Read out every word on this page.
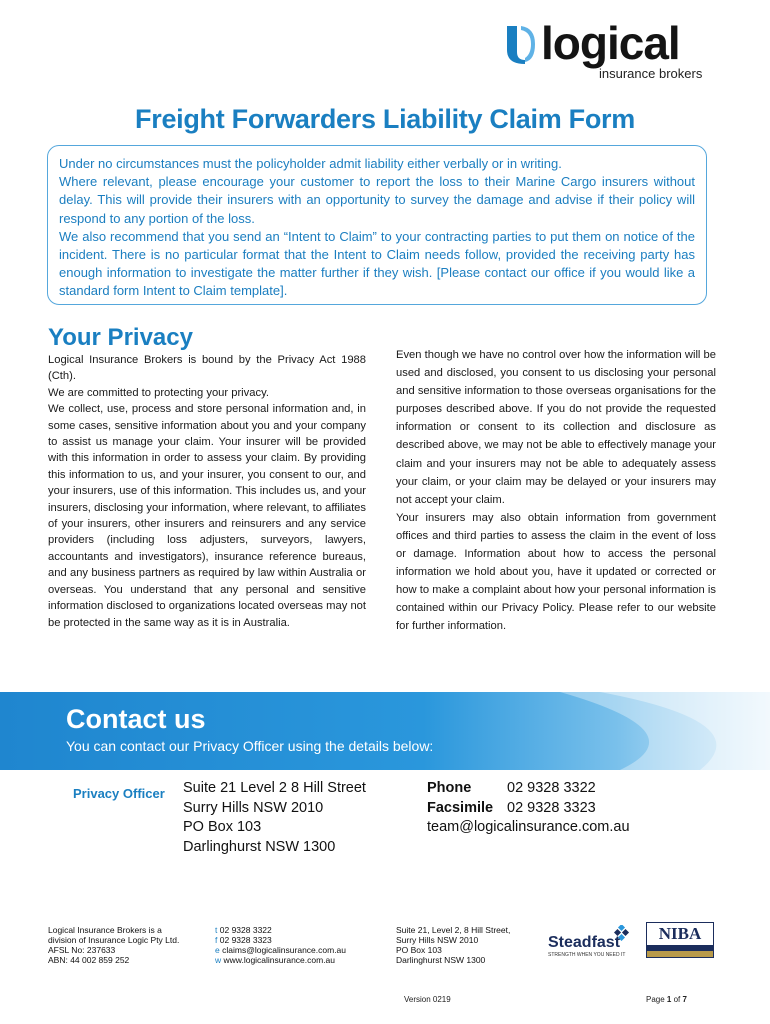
logical
insurance brokers
Freight Forwarders Liability Claim Form

Under no circumstances must the policyholder admit liability either verbally or in writing.

Where relevant, please encourage your customer to report the loss to their Marine Cargo insurers without delay. This will provide their insurers with an opportunity to survey the damage and advise if their policy will respond to any portion of the loss.

We also recommend that you send an “Intent to Claim” to your contracting parties to put them on notice of the incident. There is no particular format that the Intent to Claim needs follow, provided the receiving party has enough information to investigate the matter further if they wish. [Please contact our office if you would like a standard form Intent to Claim template].

Your Privacy

Logical Insurance Brokers is bound by the Privacy Act 1988 (Cth).

We are committed to protecting your privacy.

We collect, use, process and store personal information and, in some cases, sensitive information about you and your company to assist us manage your claim. Your insurer will be provided with this information in order to assess your claim. By providing this information to us, and your insurer, you consent to our, and your insurers, use of this information. This includes us, and your insurers, disclosing your information, where relevant, to affiliates of your insurers, other insurers and reinsurers and any service providers (including loss adjusters, surveyors, lawyers, accountants and investigators), insurance reference bureaus, and any business partners as required by law within Australia or overseas. You understand that any personal and sensitive information disclosed to organizations located overseas may not be protected in the same way as it is in Australia.

Even though we have no control over how the information will be used and disclosed, you consent to us disclosing your personal and sensitive information to those overseas organisations for the purposes described above. If you do not provide the requested information or consent to its collection and disclosure as described above, we may not be able to effectively manage your claim and your insurers may not be able to adequately assess your claim, or your claim may be delayed or your insurers may not accept your claim.

Your insurers may also obtain information from government offices and third parties to assess the claim in the event of loss or damage. Information about how to access the personal information we hold about you, have it updated or corrected or how to make a complaint about how your personal information is contained within our Privacy Policy. Please refer to our website for further information.

Contact us
You can contact our Privacy Officer using the details below:
Privacy Officer Suite 21 Level 2 8 Hill Street
Surry Hills NSW 2010
PO Box 103
Darlinghurst NSW 1300
Phone 02 9328 3322
Facsimile 02 9328 3323
team@logicalinsurance.com.au
Logical Insurance Brokers is a
division of Insurance Logic Pty Ltd.
AFSL No: 237633
ABN: 44 002 859 252
t 02 9328 3322
f 02 9328 3323
e claims@logicalinsurance.com.au
w www.logicalinsurance.com.au
Suite 21, Level 2, 8 Hill Street,
Surry Hills NSW 2010
PO Box 103
Darlinghurst NSW 1300
Steadfast
STRENGTH WHEN YOU NEED IT
NIBA
Version 0219	Page 1 of 7
